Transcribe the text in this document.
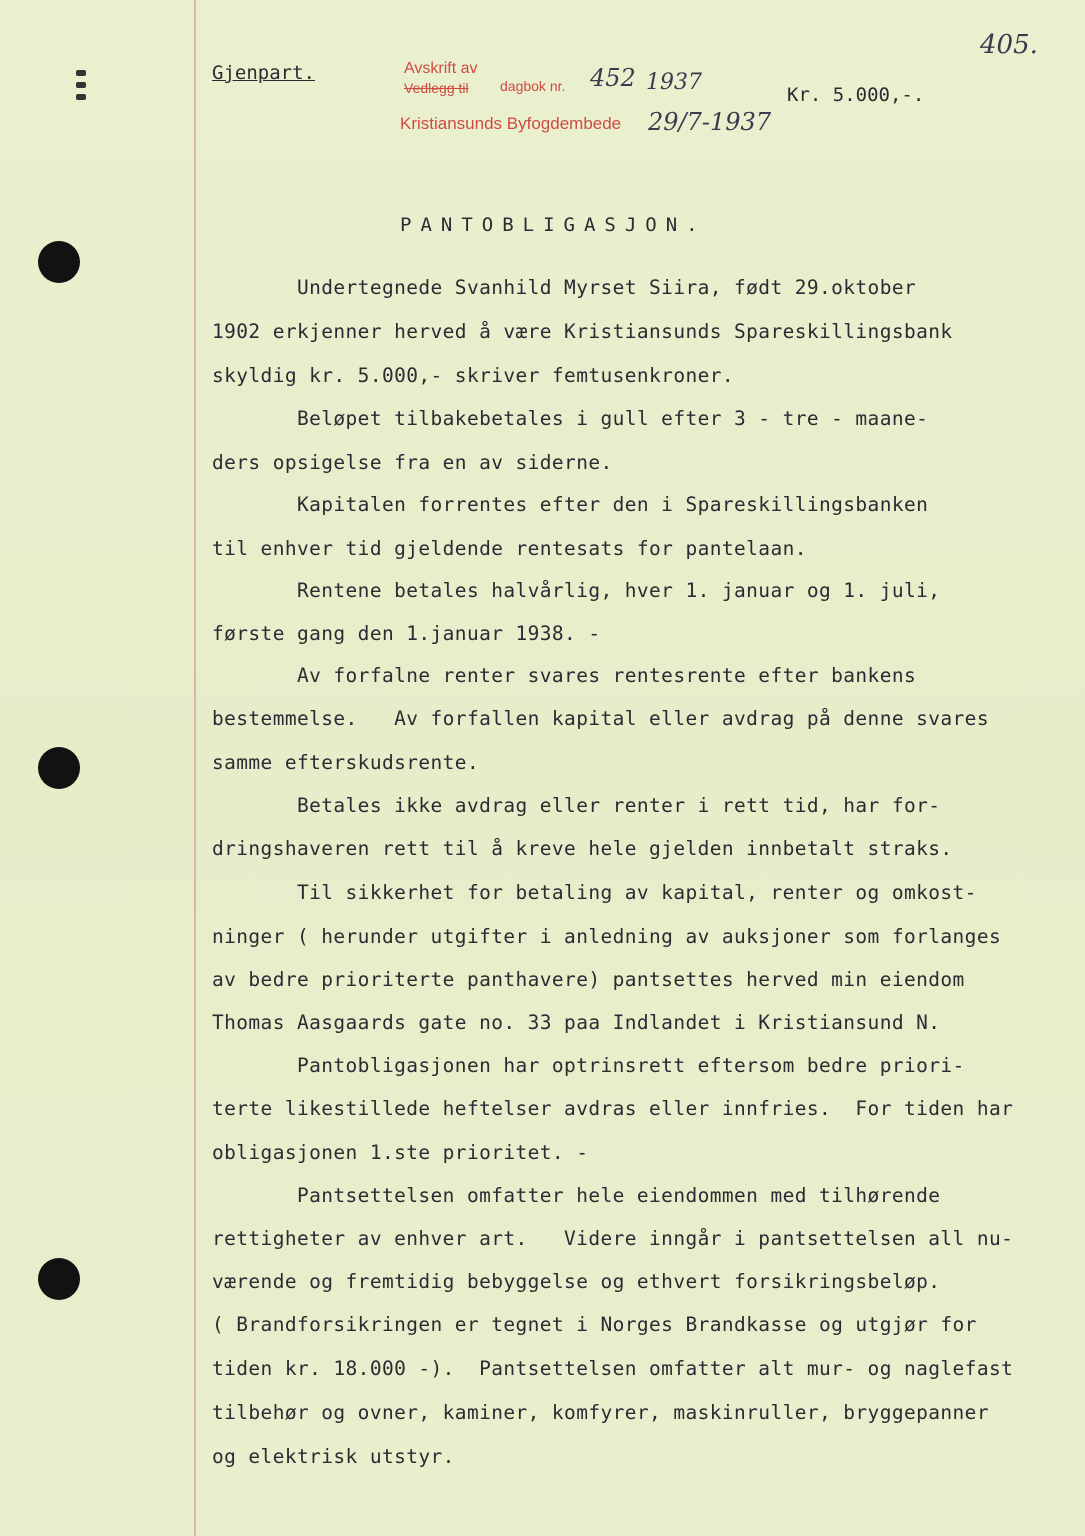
405.
Gjenpart.	Avskrift av
Vedlegg til dagbok nr.
Kristiansunds Byfogdembede
452 1937
29/7-1937
Kr. 5.000,-.
PANTOBLIGASJON.
Undertegnede Svanhild Myrset Siira, født 29.oktober
1902 erkjenner herved å være Kristiansunds Spareskillingsbank
skyldig kr. 5.000,- skriver femtusenkroner.
Beløpet tilbakebetales i gull efter 3 - tre - maane-
ders opsigelse fra en av siderne.
Kapitalen forrentes efter den i Spareskillingsbanken
til enhver tid gjeldende rentesats for pantelaan.
Rentene betales halvårlig, hver 1. januar og 1. juli,
første gang den 1.januar 1938. -
Av forfalne renter svares rentesrente efter bankens
bestemmelse.   Av forfallen kapital eller avdrag på denne svares
samme efterskudsrente.
Betales ikke avdrag eller renter i rett tid, har for-
dringshaveren rett til å kreve hele gjelden innbetalt straks.
Til sikkerhet for betaling av kapital, renter og omkost-
ninger ( herunder utgifter i anledning av auksjoner som forlanges
av bedre prioriterte panthavere) pantsettes herved min eiendom
Thomas Aasgaards gate no. 33 paa Indlandet i Kristiansund N.
Pantobligasjonen har optrinsrett eftersom bedre priori-
terte likestillede heftelser avdras eller innfries.  For tiden har
obligasjonen 1.ste prioritet. -
Pantsettelsen omfatter hele eiendommen med tilhørende
rettigheter av enhver art.   Videre inngår i pantsettelsen all nu-
værende og fremtidig bebyggelse og ethvert forsikringsbeløp.
( Brandforsikringen er tegnet i Norges Brandkasse og utgjør for
tiden kr. 18.000 -).  Pantsettelsen omfatter alt mur- og naglefast
tilbehør og ovner, kaminer, komfyrer, maskinruller, bryggepanner
og elektrisk utstyr.
